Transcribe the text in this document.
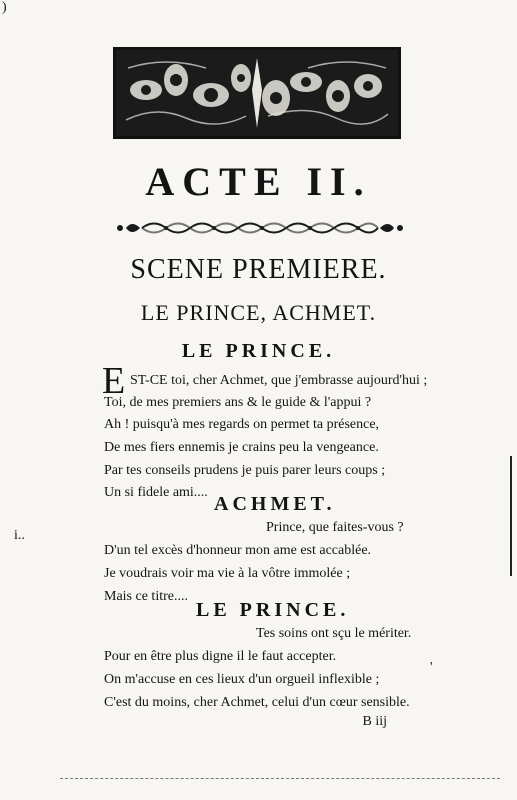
)
ACTE II.
SCENE PREMIERE.
LE PRINCE, ACHMET.
LE PRINCE.
E ST-CE toi, cher Achmet, que j'embrasse aujourd'hui ;
Toi, de mes premiers ans & le guide & l'appui ?
Ah ! puisqu'à mes regards on permet ta présence,
De mes fiers ennemis je crains peu la vengeance.
Par tes conseils prudens je puis parer leurs coups ;
Un si fidele ami....
ACHMET.
Prince, que faites-vous ?
D'un tel excès d'honneur mon ame est accablée.
Je voudrais voir ma vie à la vôtre immolée ;
Mais ce titre....
LE PRINCE.
Tes soins ont sçu le mériter.
Pour en être plus digne il le faut accepter.
On m'accuse en ces lieux d'un orgueil inflexible ;
C'est du moins, cher Achmet, celui d'un cœur sensible.
B iij
i..
'
